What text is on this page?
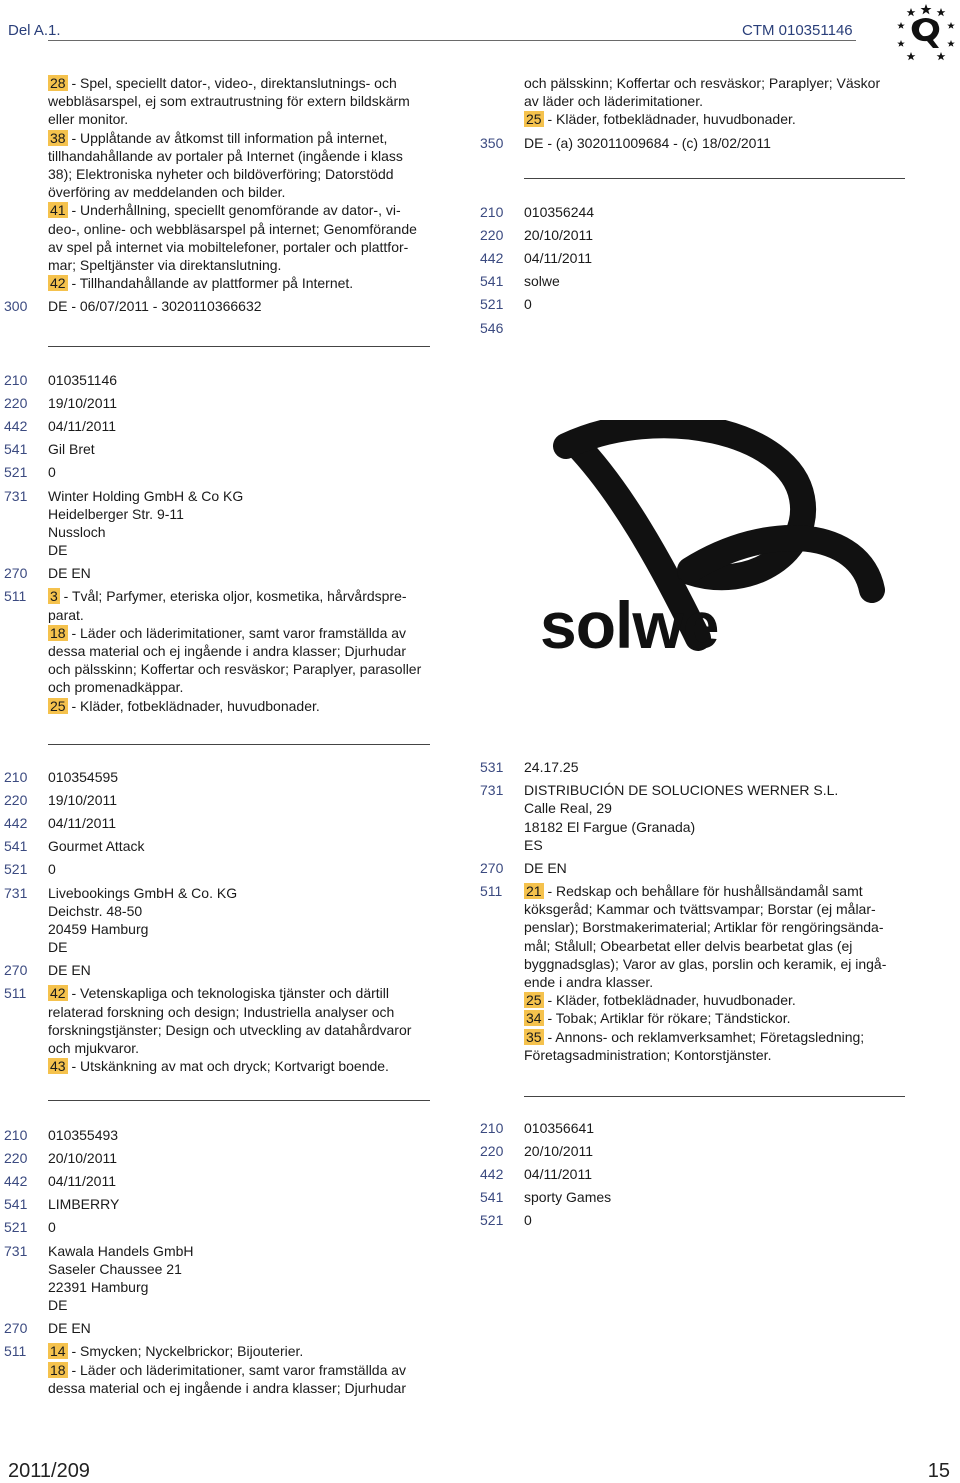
Del A.1.	CTM 010351146
28 - Spel, speciellt dator-, video-, direktanslutnings- och
webbläsarspel, ej som extrautrustning för extern bildskärm
eller monitor.
38 - Upplåtande av åtkomst till information på internet,
tillhandahållande av portaler på Internet (ingående i klass
38); Elektroniska nyheter och bildöverföring; Datorstödd
överföring av meddelanden och bilder.
41 - Underhållning, speciellt genomförande av dator-, vi-
deo-, online- och webbläsarspel på internet; Genomförande
av spel på internet via mobiltelefoner, portaler och plattfor-
mar; Speltjänster via direktanslutning.
42 - Tillhandahållande av plattformer på Internet.
300 DE - 06/07/2011 - 3020110366632
210 010351146
220 19/10/2011
442 04/11/2011
541 Gil Bret
521 0
731 Winter Holding GmbH & Co KG
Heidelberger Str. 9-11
Nussloch
DE
270 DE EN
511 3 - Tvål; Parfymer, eteriska oljor, kosmetika, hårvårdspre-
parat.
18 - Läder och läderimitationer, samt varor framställda av
dessa material och ej ingående i andra klasser; Djurhudar
och pälsskinn; Koffertar och resväskor; Paraplyer, parasoller
och promenadkäppar.
25 - Kläder, fotbeklädnader, huvudbonader.
210 010354595
220 19/10/2011
442 04/11/2011
541 Gourmet Attack
521 0
731 Livebookings GmbH & Co. KG
Deichstr. 48-50
20459 Hamburg
DE
270 DE EN
511 42 - Vetenskapliga och teknologiska tjänster och därtill
relaterad forskning och design; Industriella analyser och
forskningstjänster; Design och utveckling av datahårdvaror
och mjukvaror.
43 - Utskänkning av mat och dryck; Kortvarigt boende.
210 010355493
220 20/10/2011
442 04/11/2011
541 LIMBERRY
521 0
731 Kawala Handels GmbH
Saseler Chaussee 21
22391 Hamburg
DE
270 DE EN
511 14 - Smycken; Nyckelbrickor; Bijouterier.
18 - Läder och läderimitationer, samt varor framställda av
dessa material och ej ingående i andra klasser; Djurhudar
och pälsskinn; Koffertar och resväskor; Paraplyer; Väskor
av läder och läderimitationer.
25 - Kläder, fotbeklädnader, huvudbonader.
350 DE - (a) 302011009684 - (c) 18/02/2011
210 010356244
220 20/10/2011
442 04/11/2011
541 solwe
521 0
546
531 24.17.25
731 DISTRIBUCIÓN DE SOLUCIONES WERNER S.L.
Calle Real, 29
18182 El Fargue (Granada)
ES
270 DE EN
511 21 - Redskap och behållare för hushållsändamål samt
köksgeråd; Kammar och tvättsvampar; Borstar (ej målar-
penslar); Borstmakerimaterial; Artiklar för rengöringsända-
mål; Stålull; Obearbetat eller delvis bearbetat glas (ej
byggnadsglas); Varor av glas, porslin och keramik, ej ingå-
ende i andra klasser.
25 - Kläder, fotbeklädnader, huvudbonader.
34 - Tobak; Artiklar för rökare; Tändstickor.
35 - Annons- och reklamverksamhet; Företagsledning;
Företagsadministration; Kontorstjänster.
210 010356641
220 20/10/2011
442 04/11/2011
541 sporty Games
521 0
solwe
2011/209	15
